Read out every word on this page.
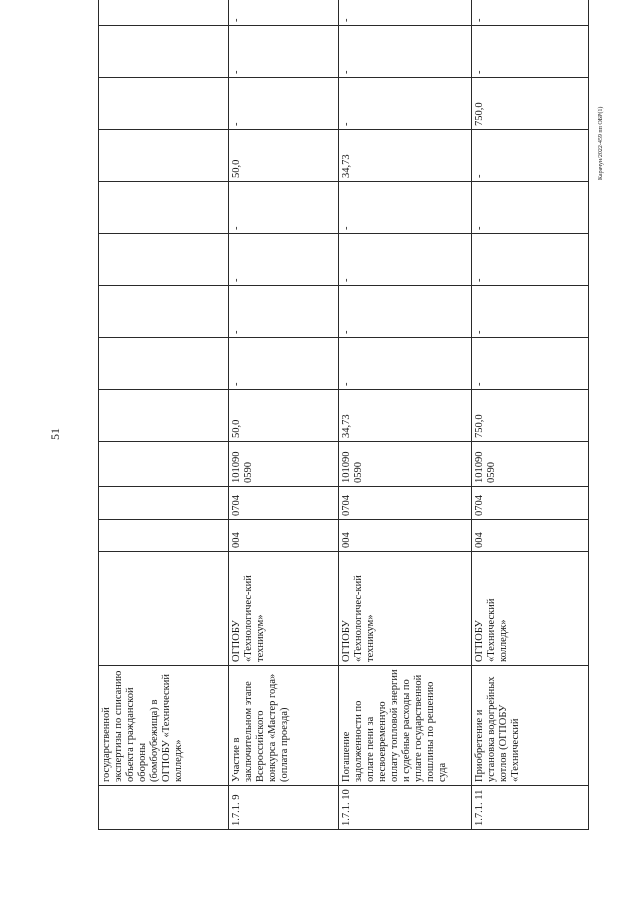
51
Карачун/2022-459 пп ОБР(1)
	государственной экспертизы по списанию объекта гражданской обороны (бомбоубежища) в ОГПОБУ «Технический колледж»													
1.7.1. 9	Участие в заключительном этапе Всероссийского конкурса «Мастер года» (оплата проезда)	ОГПОБУ «Технологичес-кий техникум»	004	0704	101090 0590	50,0	-	-	-	-	50,0	-	-	-
1.7.1. 10	Погашение задолженности по оплате пени за несвоевременную оплату топловой энергии и судебные расходы по уплате государственной пошлины по решению суда	ОГПОБУ «Технологичес-кий техникум»	004	0704	101090 0590	34,73	-	-	-	-	34,73	-	-	-
1.7.1. 11	Приобретение и установка водогрейных котлов (ОГПОБУ «Технический	ОГПОБУ «Технический колледж»	004	0704	101090 0590	750,0	-	-	-	-	-	750,0	-	-
